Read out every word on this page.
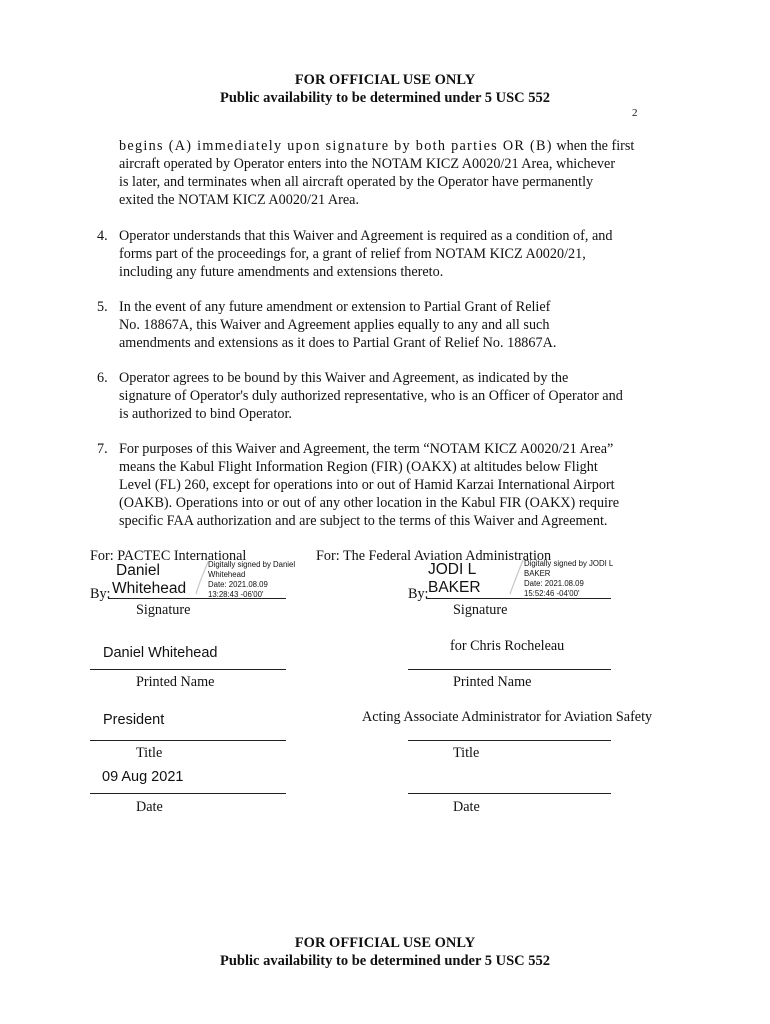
FOR OFFICIAL USE ONLY
Public availability to be determined under 5 USC 552
2
begins (A) immediately upon signature by both parties OR (B) when the first
aircraft operated by Operator enters into the NOTAM KICZ A0020/21 Area, whichever
is later, and terminates when all aircraft operated by the Operator have permanently
exited the NOTAM KICZ A0020/21 Area.
4. Operator understands that this Waiver and Agreement is required as a condition of, and
forms part of the proceedings for, a grant of relief from NOTAM KICZ A0020/21,
including any future amendments and extensions thereto.
5. In the event of any future amendment or extension to Partial Grant of Relief
No. 18867A, this Waiver and Agreement applies equally to any and all such
amendments and extensions as it does to Partial Grant of Relief No. 18867A.
6. Operator agrees to be bound by this Waiver and Agreement, as indicated by the
signature of Operator's duly authorized representative, who is an Officer of Operator and
is authorized to bind Operator.
7. For purposes of this Waiver and Agreement, the term “NOTAM KICZ A0020/21 Area”
means the Kabul Flight Information Region (FIR) (OAKX) at altitudes below Flight
Level (FL) 260, except for operations into or out of Hamid Karzai International Airport
(OAKB). Operations into or out of any other location in the Kabul FIR (OAKX) require
specific FAA authorization and are subject to the terms of this Waiver and Agreement.
For: PACTEC International
Daniel
By: Whitehead
Digitally signed by Daniel
Whitehead
Date: 2021.08.09
13:28:43 -06'00'
Signature
Daniel Whitehead
Printed Name
President
Title
09 Aug 2021
Date
For: The Federal Aviation Administration
JODI L
By: BAKER
Digitally signed by JODI L
BAKER
Date: 2021.08.09
15:52:46 -04'00'
Signature
for Chris Rocheleau
Printed Name
Acting Associate Administrator for Aviation Safety
Title
Date
FOR OFFICIAL USE ONLY
Public availability to be determined under 5 USC 552
